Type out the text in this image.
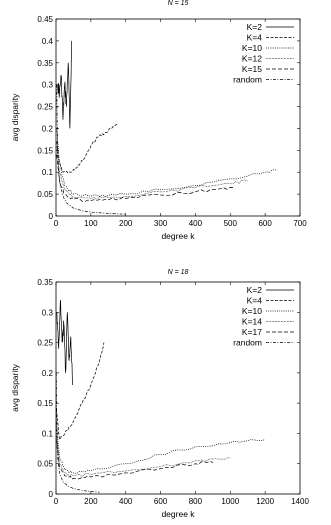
N = 15
0	100	200	300	400	500	600	700
0
0.05
0.1
0.15
0.2
0.25
0.3
0.35
0.4
0.45
degree k
avg disparity
K=2
K=4
K=10
K=12
K=15
random
N = 18
0	200	400	600	800 1000 1200 1400
0
0.05
0.1
0.15
0.2
0.25
0.3
0.35
degree k
avg disparity
K=2
K=4
K=10
K=14
K=17
random
